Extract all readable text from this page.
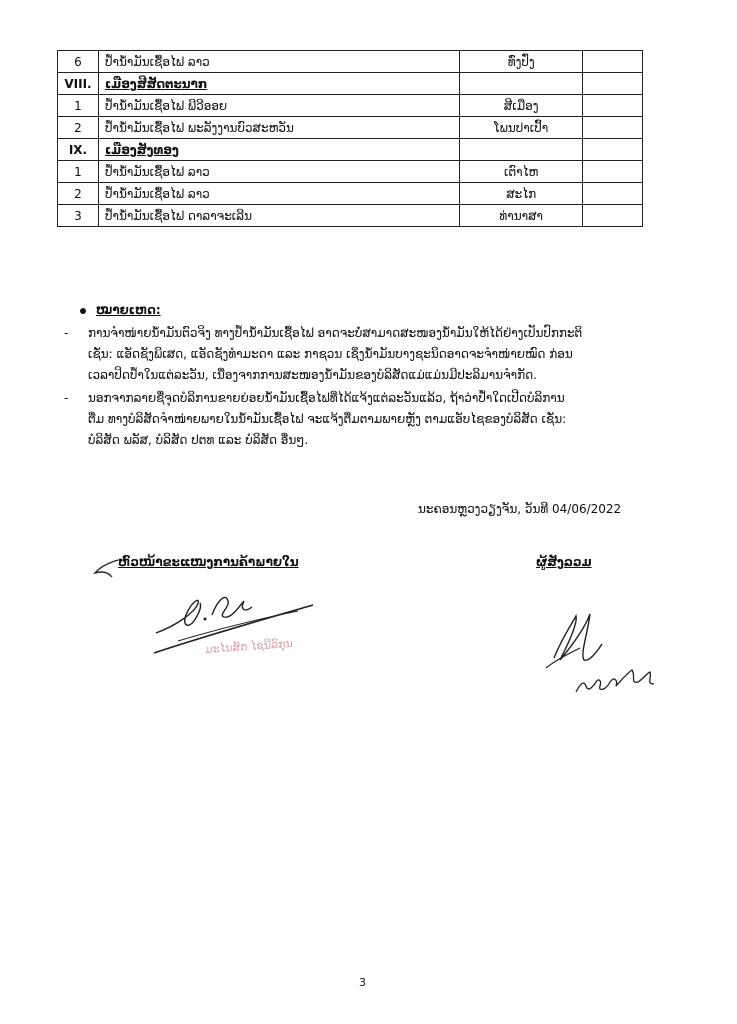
6	ປ້ຳນ້ຳມັນເຊື້ອໄຟ ລາວ	ທົ່ງປົ່ງ	
VIII.	ເມືອງສີສັດຕະນາກ		
1	ປ້ຳນ້ຳມັນເຊື້ອໄຟ ພີວີອອຍ	ສີເມືອງ	
2	ປ້ຳນ້ຳມັນເຊື້ອໄຟ ພະລັງງານບົວສະຫວັນ	ໂພນປາເປົ້າ	
IX.	ເມືອງສັງທອງ		
1	ປ້ຳນ້ຳມັນເຊື້ອໄຟ ລາວ	ເຕົາໄຫ	
2	ປ້ຳນ້ຳມັນເຊື້ອໄຟ ລາວ	ສະໄກ	
3	ປ້ຳນ້ຳມັນເຊື້ອໄຟ ດາລາຈະເລີນ	ທ່ານາສາ	
ໝາຍເຫດ:
- ການຈຳໜ່າຍນ້ຳມັນຕົວຈິງ ທາງປ້ຳນ້ຳມັນເຊື້ອໄຟ ອາດຈະບໍ່ສາມາດສະໜອງນ້ຳມັນໃຫ້ໄດ້ຢ່າງເປັນປົກກະຕິ
ເຊັ່ນ: ແອັດຊັງພິເສດ, ແອັດຊັງທຳມະດາ ແລະ ກາຊວນ ເຊິ່ງນ້ຳມັນບາງຊະນິດອາດຈະຈຳໜ່າຍໝົດ ກ່ອນ
ເວລາປິດປ້ຳໃນແຕ່ລະວັນ, ເນື່ອງຈາກການສະໜອງນ້ຳມັນຂອງບໍລິສັດແມ່ແມ່ນມີປະລິມານຈຳກັດ.
- ນອກຈາກລາຍຊື່ຈຸດບໍລິການຂາຍຍ່ອຍນ້ຳມັນເຊື້ອໄຟທີ່ໄດ້ແຈ້ງແຕ່ລະວັນແລ້ວ, ຖ້າວ່າປ້ຳໃດເປີດບໍລິການ
ຕື່ມ ທາງບໍລິສັດຈຳໜ່າຍພາຍໃນນ້ຳມັນເຊື້ອໄຟ ຈະແຈ້ງຕື່ມຕາມພາຍຫຼັງ ຕາມແອັບໄຊຂອງບໍລິສັດ ເຊັ່ນ:
ບໍລິສັດ ພລັສ, ບໍລິສັດ ປຕທ ແລະ ບໍລິສັດ ອື່ນໆ.
ນະຄອນຫຼວງວຽງຈັນ, ວັນທີ 04/06/2022
ຫົວໜ້າຂະແໜງການຄ້າພາຍໃນ
ມະໄນສັກ ໄຊນີລົກຸນ
ຜູ້ສັງລວມ
3
